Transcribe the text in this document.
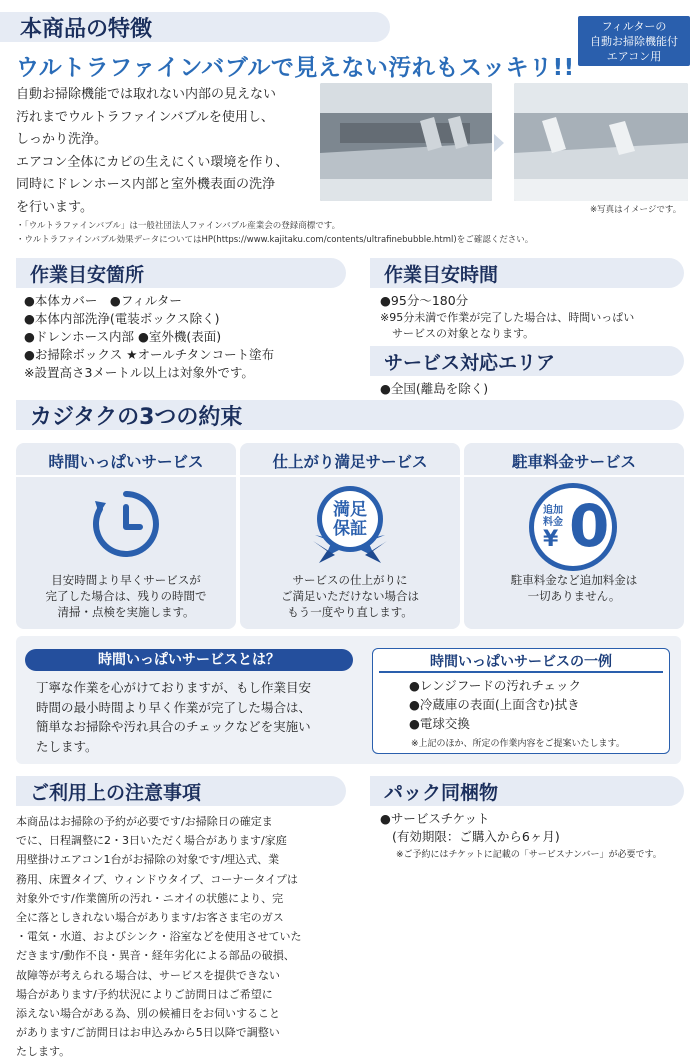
本商品の特徴	フィルターの
自動お掃除機能付
エアコン用
ウルトラファインバブルで見えない汚れもスッキリ!!
自動お掃除機能では取れない内部の見えない
汚れまでウルトラファインバブルを使用し、
しっかり洗浄。
エアコン全体にカビの生えにくい環境を作り、
同時にドレンホース内部と室外機表面の洗浄
を行います。	※写真はイメージです。
・「ウルトラファインバブル」は一般社団法人ファインバブル産業会の登録商標です。
・ウルトラファインバブル効果データについてはHP(https://www.kajitaku.com/contents/ultrafinebubble.html)をご確認ください。
作業目安箇所
●本体カバー　●フィルター
●本体内部洗浄(電装ボックス除く)
●ドレンホース内部 ●室外機(表面)
●お掃除ボックス ★オールチタンコート塗布
※設置高さ3メートル以上は対象外です。
作業目安時間
●95分～180分
※95分未満で作業が完了した場合は、時間いっぱい
サービスの対象となります。
サービス対応エリア
●全国(離島を除く)
カジタクの3つの約束
時間いっぱいサービス
目安時間より早くサービスが
完了した場合は、残りの時間で
清掃・点検を実施します。
仕上がり満足サービス
満足
保証
サービスの仕上がりに
ご満足いただけない場合は
もう一度やり直します。
駐車料金サービス
追加
料金
¥ 0
駐車料金など追加料金は
一切ありません。
時間いっぱいサービスとは？
丁寧な作業を心がけておりますが、もし作業目安
時間の最小時間より早く作業が完了した場合は、
簡単なお掃除や汚れ具合のチェックなどを実施い
たします。
時間いっぱいサービスの一例
●レンジフードの汚れチェック
●冷蔵庫の表面(上面含む)拭き
●電球交換
※上記のほか、所定の作業内容をご提案いたします。
ご利用上の注意事項
本商品はお掃除の予約が必要です/お掃除日の確定ま
でに、日程調整に2・3日いただく場合があります/家庭
用壁掛けエアコン1台がお掃除の対象です/埋込式、業
務用、床置タイプ、ウィンドウタイプ、コーナータイプは
対象外です/作業箇所の汚れ・ニオイの状態により、完
全に落としきれない場合があります/お客さま宅のガス
・電気・水道、およびシンク・浴室などを使用させていた
だきます/動作不良・異音・経年劣化による部品の破損、
故障等が考えられる場合は、サービスを提供できない
場合があります/予約状況によりご訪問日はご希望に
添えない場合がある為、別の候補日をお伺いすること
があります/ご訪問日はお申込みから5日以降で調整い
たします。
パック同梱物
●サービスチケット
(有効期限：ご購入から6ヶ月)
※ご予約にはチケットに記載の「サービスナンバー」が必要です。
